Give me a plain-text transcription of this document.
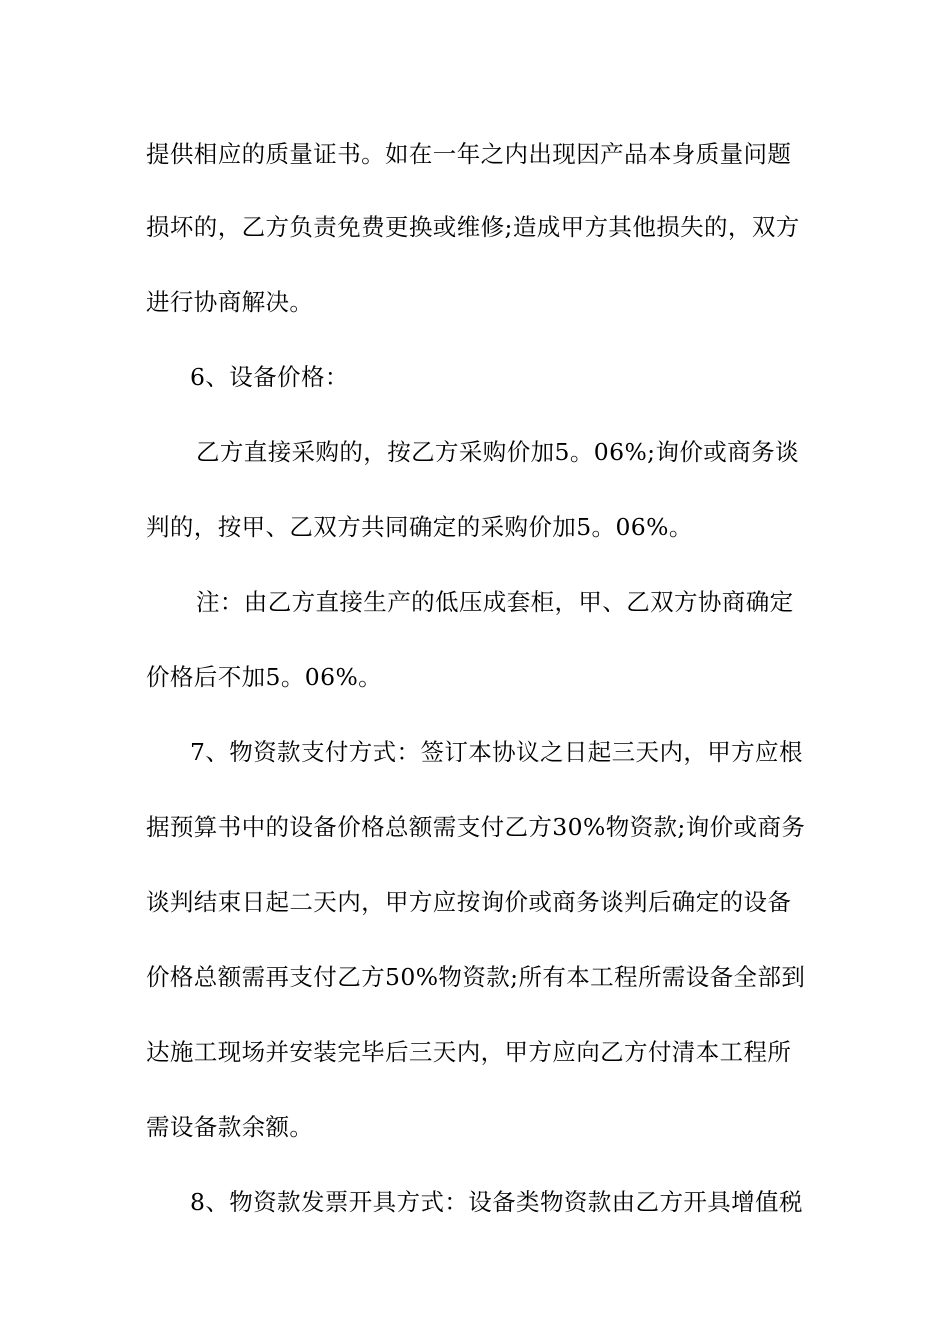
提供相应的质量证书。如在一年之内出现因产品本身质量问题
损坏的，乙方负责免费更换或维修;造成甲方其他损失的，双方
进行协商解决。
6、设备价格：
乙方直接采购的，按乙方采购价加5。06%;询价或商务谈
判的，按甲、乙双方共同确定的采购价加5。06%。
注：由乙方直接生产的低压成套柜，甲、乙双方协商确定
价格后不加5。06%。
7、物资款支付方式：签订本协议之日起三天内，甲方应根
据预算书中的设备价格总额需支付乙方30%物资款;询价或商务
谈判结束日起二天内，甲方应按询价或商务谈判后确定的设备
价格总额需再支付乙方50%物资款;所有本工程所需设备全部到
达施工现场并安装完毕后三天内，甲方应向乙方付清本工程所
需设备款余额。
8、物资款发票开具方式：设备类物资款由乙方开具增值税
